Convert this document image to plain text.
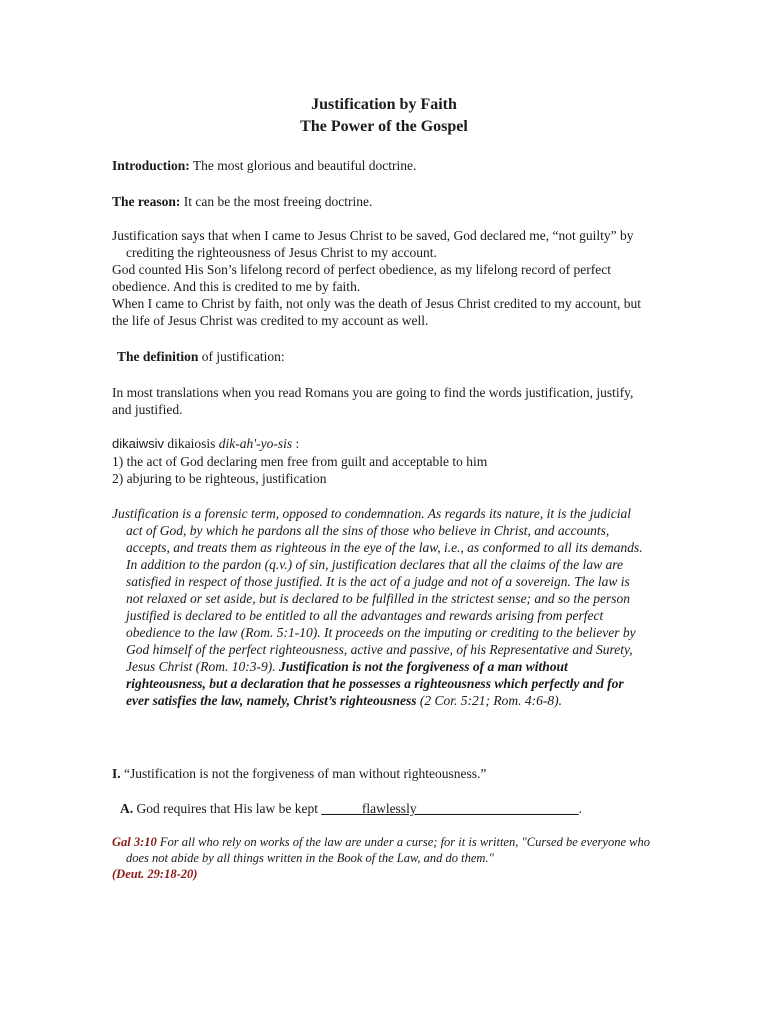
Justification by Faith
The Power of the Gospel
Introduction: The most glorious and beautiful doctrine.
The reason: It can be the most freeing doctrine.

Justification says that when I came to Jesus Christ to be saved, God declared me, “not guilty” by crediting the righteousness of Jesus Christ to my account.

God counted His Son’s lifelong record of perfect obedience, as my lifelong record of perfect obedience. And this is credited to me by faith.

When I came to Christ by faith, not only was the death of Jesus Christ credited to my account, but the life of Jesus Christ was credited to my account as well.

The definition of justification:
In most translations when you read Romans you are going to find the words justification, justify, and justified.
dikaiwsiv dikaiosis dik-ah'-yo-sis :
1) the act of God declaring men free from guilt and acceptable to him
2) abjuring to be righteous, justification
Justification is a forensic term, opposed to condemnation. As regards its nature, it is the judicial act of God, by which he pardons all the sins of those who believe in Christ, and accounts, accepts, and treats them as righteous in the eye of the law, i.e., as conformed to all its demands. In addition to the pardon (q.v.) of sin, justification declares that all the claims of the law are satisfied in respect of those justified. It is the act of a judge and not of a sovereign. The law is not relaxed or set aside, but is declared to be fulfilled in the strictest sense; and so the person justified is declared to be entitled to all the advantages and rewards arising from perfect obedience to the law (Rom. 5:1-10). It proceeds on the imputing or crediting to the believer by God himself of the perfect righteousness, active and passive, of his Representative and Surety, Jesus Christ (Rom. 10:3-9). Justification is not the forgiveness of a man without righteousness, but a declaration that he possesses a righteousness which perfectly and for ever satisfies the law, namely, Christ’s righteousness (2 Cor. 5:21; Rom. 4:6-8).
I. “Justification is not the forgiveness of man without righteousness.”
A. God requires that His law be kept ______flawlessly________________________.
Gal 3:10 For all who rely on works of the law are under a curse; for it is written, "Cursed be everyone who does not abide by all things written in the Book of the Law, and do them."
(Deut. 29:18-20)
